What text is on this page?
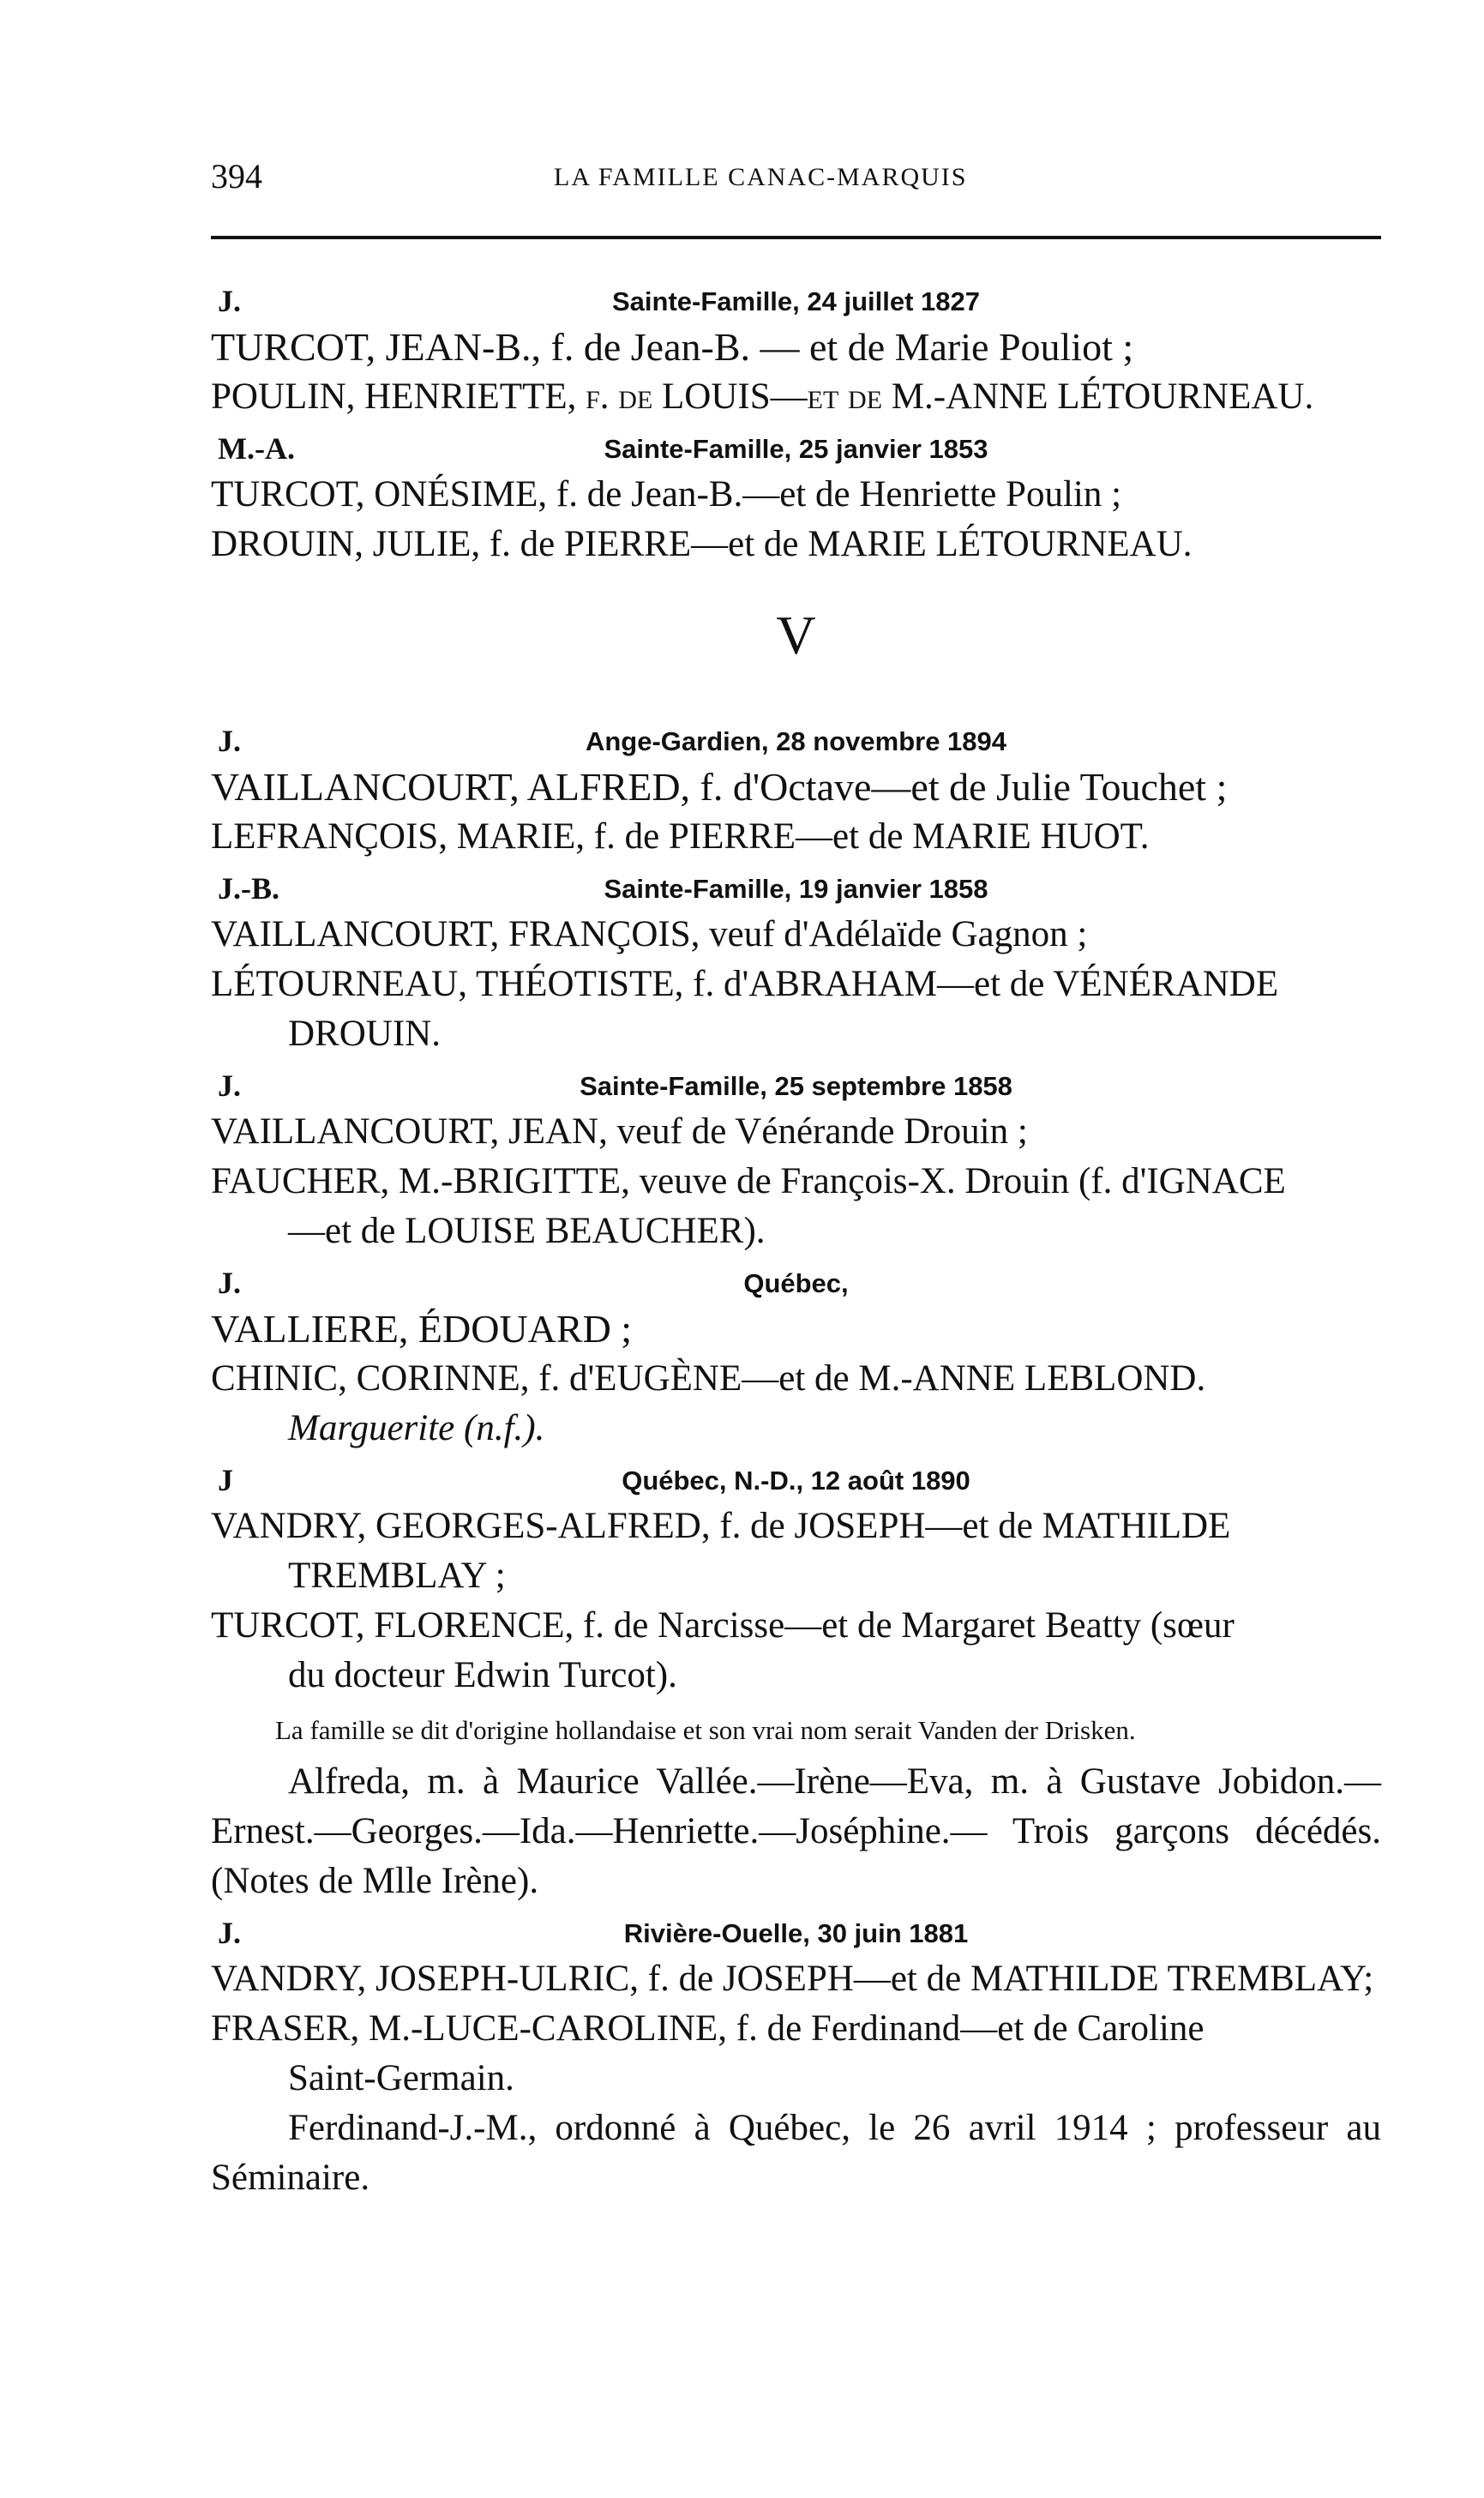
394	LA FAMILLE CANAC-MARQUIS
J.	Sainte-Famille, 24 juillet 1827
TURCOT, JEAN-B., f. de Jean-B. — et de Marie Pouliot ;
POULIN, HENRIETTE, f. de LOUIS—et de M.-ANNE LÉTOURNEAU.
M.-A.	Sainte-Famille, 25 janvier 1853
TURCOT, ONÉSIME, f. de Jean-B.—et de Henriette Poulin ;
DROUIN, JULIE, f. de PIERRE—et de MARIE LÉTOURNEAU.
V
J.	Ange-Gardien, 28 novembre 1894
VAILLANCOURT, ALFRED, f. d'Octave—et de Julie Touchet ;
LEFRANÇOIS, MARIE, f. de PIERRE—et de MARIE HUOT.
J.-B.	Sainte-Famille, 19 janvier 1858
VAILLANCOURT, FRANÇOIS, veuf d'Adélaïde Gagnon ;
LÉTOURNEAU, THÉOTISTE, f. d'ABRAHAM—et de VÉNÉRANDE
DROUIN.
J.	Sainte-Famille, 25 septembre 1858
VAILLANCOURT, JEAN, veuf de Vénérande Drouin ;
FAUCHER, M.-BRIGITTE, veuve de François-X. Drouin (f. d'IGNACE
—et de LOUISE BEAUCHER).
J.	Québec,
VALLIERE, ÉDOUARD ;
CHINIC, CORINNE, f. d'EUGÈNE—et de M.-ANNE LEBLOND.
Marguerite (n.f.).
J	Québec, N.-D., 12 août 1890
VANDRY, GEORGES-ALFRED, f. de JOSEPH—et de MATHILDE
TREMBLAY ;
TURCOT, FLORENCE, f. de Narcisse—et de Margaret Beatty (sœur
du docteur Edwin Turcot).
La famille se dit d'origine hollandaise et son vrai nom serait Vanden der Drisken.
Alfreda, m. à Maurice Vallée.—Irène—Eva, m. à Gustave Jobidon.—Ernest.—Georges.—Ida.—Henriette.—Joséphine.— Trois garçons décédés. (Notes de Mlle Irène).
J.	Rivière-Ouelle, 30 juin 1881
VANDRY, JOSEPH-ULRIC, f. de JOSEPH—et de MATHILDE TREMBLAY;
FRASER, M.-LUCE-CAROLINE, f. de Ferdinand—et de Caroline
Saint-Germain.
Ferdinand-J.-M., ordonné à Québec, le 26 avril 1914 ; professeur au Séminaire.
